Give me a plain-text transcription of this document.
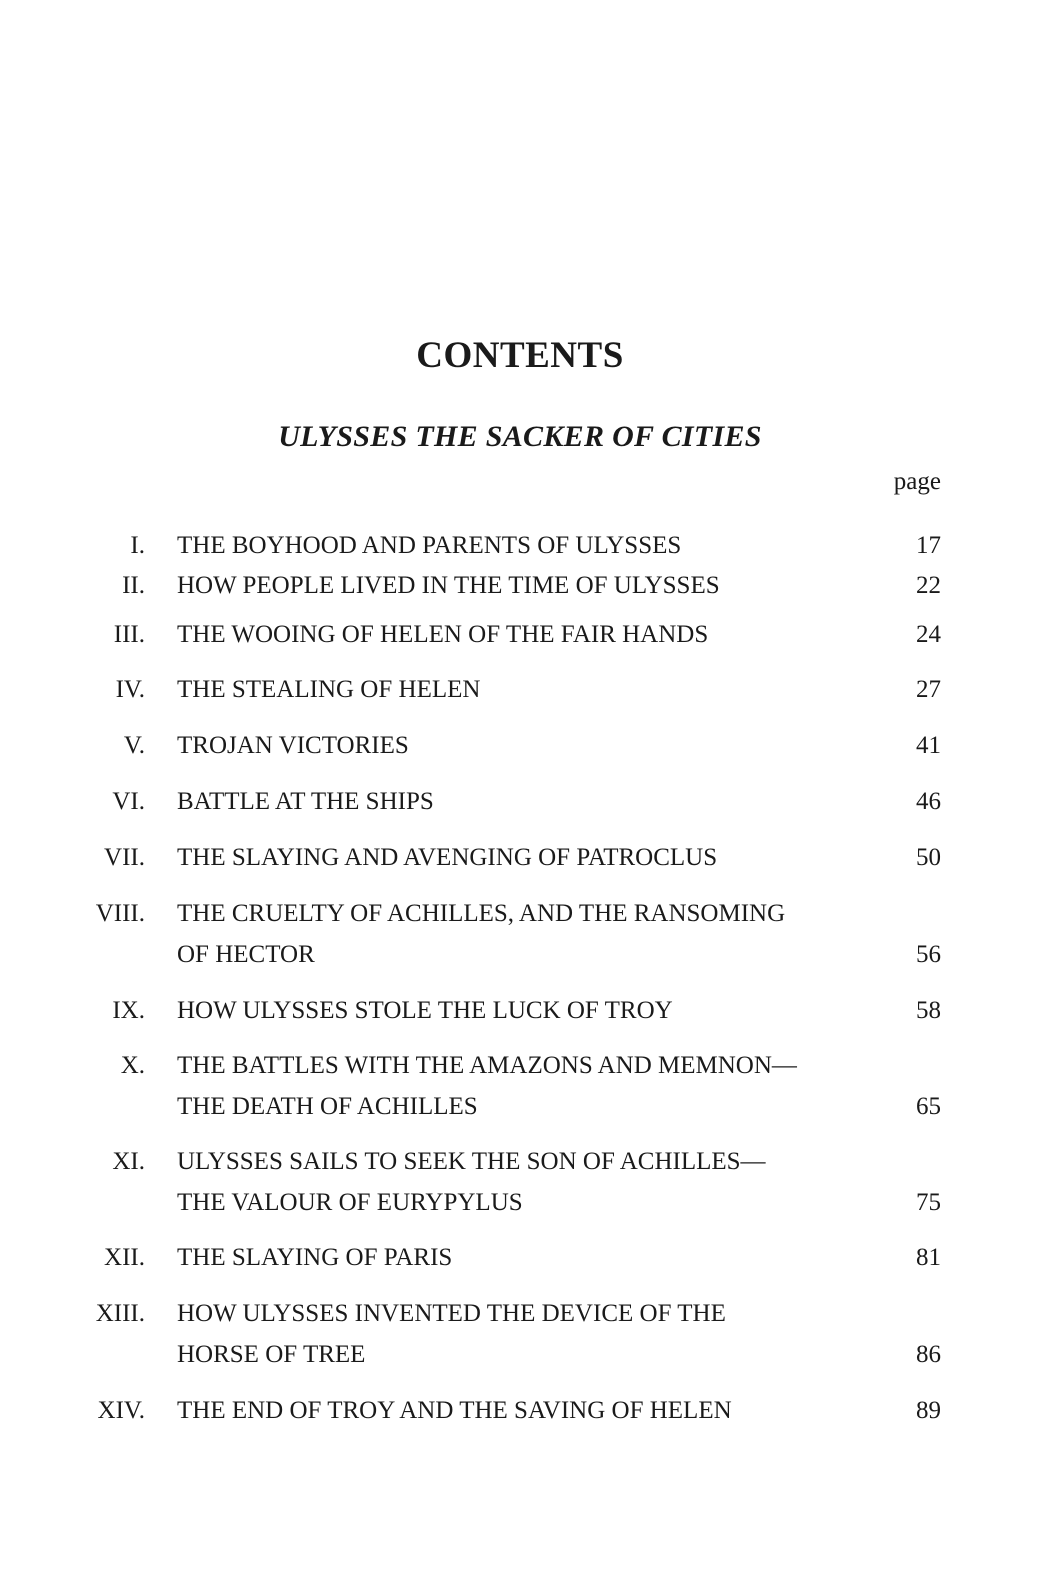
CONTENTS
ULYSSES THE SACKER OF CITIES
page
I. THE BOYHOOD AND PARENTS OF ULYSSES	17
II. HOW PEOPLE LIVED IN THE TIME OF ULYSSES	22
III. THE WOOING OF HELEN OF THE FAIR HANDS	24
IV. THE STEALING OF HELEN	27
V. TROJAN VICTORIES	41
VI. BATTLE AT THE SHIPS	46
VII. THE SLAYING AND AVENGING OF PATROCLUS	50
VIII. THE CRUELTY OF ACHILLES, AND THE RANSOMING
OF HECTOR	56
IX. HOW ULYSSES STOLE THE LUCK OF TROY	58
X. THE BATTLES WITH THE AMAZONS AND MEMNON—
THE DEATH OF ACHILLES	65
XI. ULYSSES SAILS TO SEEK THE SON OF ACHILLES—
THE VALOUR OF EURYPYLUS	75
XII. THE SLAYING OF PARIS	81
XIII. HOW ULYSSES INVENTED THE DEVICE OF THE
HORSE OF TREE	86
XIV. THE END OF TROY AND THE SAVING OF HELEN	89
